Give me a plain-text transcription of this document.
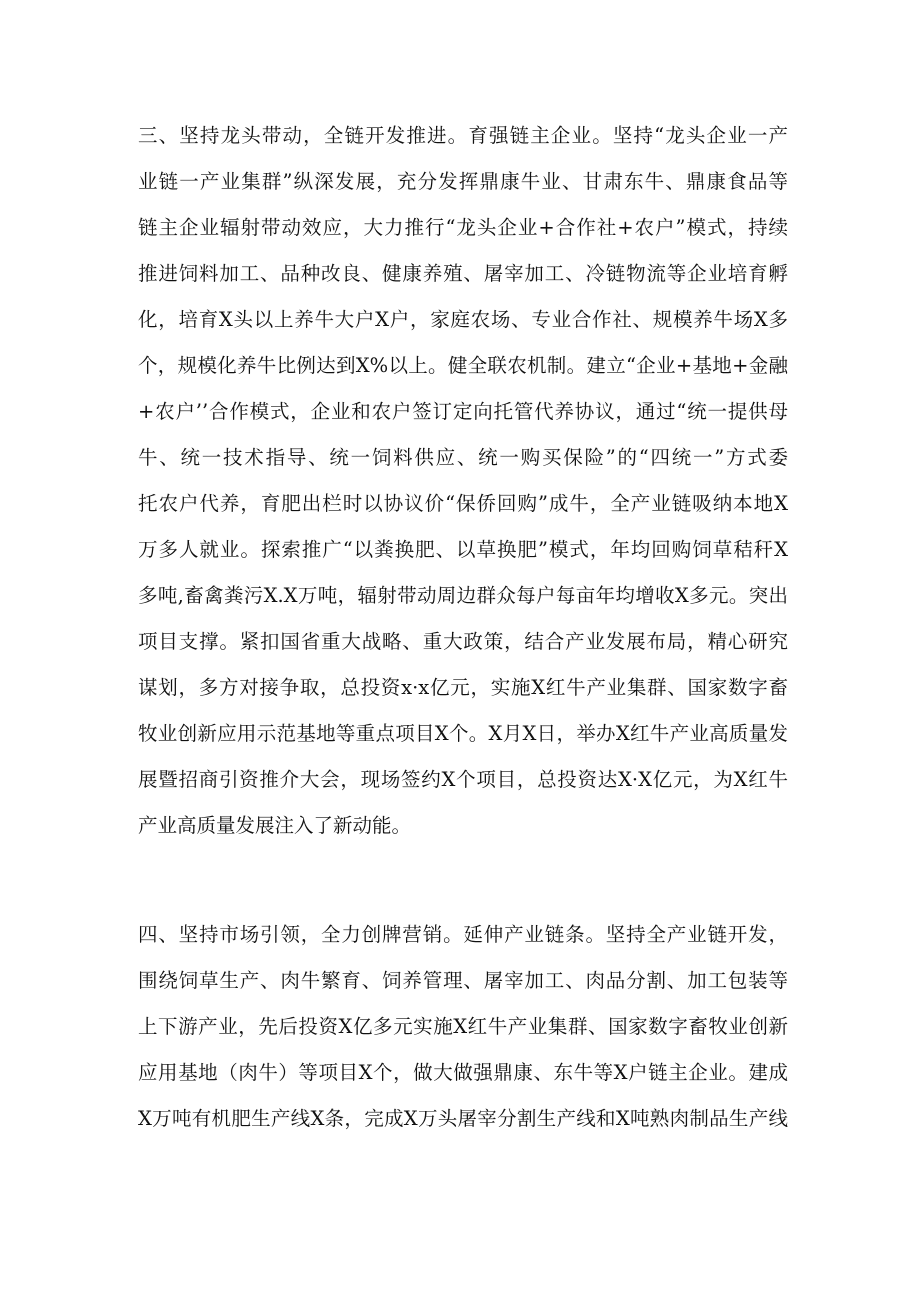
三、坚持龙头带动，全链开发推进。育强链主企业。坚持“龙头企业一产
业链一产业集群”纵深发展，充分发挥鼎康牛业、甘肃东牛、鼎康食品等
链主企业辐射带动效应，大力推行“龙头企业+合作社+农户”模式，持续
推进饲料加工、品种改良、健康养殖、屠宰加工、冷链物流等企业培育孵
化，培育X头以上养牛大户X户，家庭农场、专业合作社、规模养牛场X多
个，规模化养牛比例达到X%以上。健全联农机制。建立“企业+基地+金融
+农户’’合作模式，企业和农户签订定向托管代养协议，通过“统一提供母
牛、统一技术指导、统一饲料供应、统一购买保险”的“四统一”方式委
托农户代养，育肥出栏时以协议价“保侨回购”成牛，全产业链吸纳本地X
万多人就业。探索推广“以粪换肥、以草换肥”模式，年均回购饲草秸秆X
多吨,畜禽粪污X.X万吨，辐射带动周边群众每户每亩年均增收X多元。突出
项目支撑。紧扣国省重大战略、重大政策，结合产业发展布局，精心研究
谋划，多方对接争取，总投资x·x亿元，实施X红牛产业集群、国家数字畜
牧业创新应用示范基地等重点项目X个。X月X日，举办X红牛产业高质量发
展暨招商引资推介大会，现场签约X个项目，总投资达X·X亿元，为X红牛
产业高质量发展注入了新动能。
四、坚持市场引领，全力创牌营销。延伸产业链条。坚持全产业链开发，
围绕饲草生产、肉牛繁育、饲养管理、屠宰加工、肉品分割、加工包装等
上下游产业，先后投资X亿多元实施X红牛产业集群、国家数字畜牧业创新
应用基地（肉牛）等项目X个，做大做强鼎康、东牛等X户链主企业。建成
X万吨有机肥生产线X条，完成X万头屠宰分割生产线和X吨熟肉制品生产线
